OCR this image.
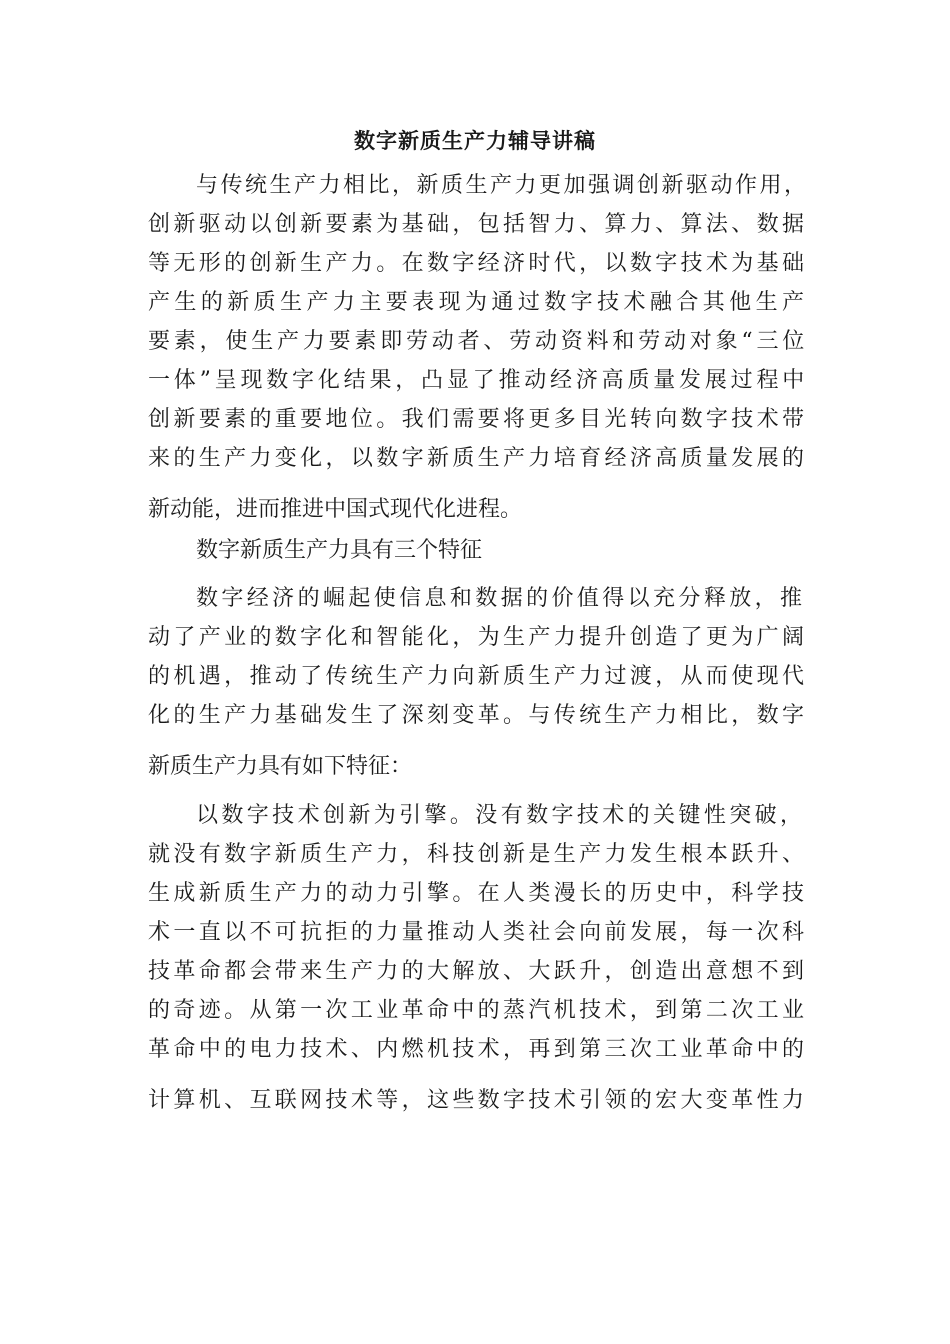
数字新质生产力辅导讲稿
与传统生产力相比，新质生产力更加强调创新驱动作用，
创新驱动以创新要素为基础，包括智力、算力、算法、数据
等无形的创新生产力。在数字经济时代，以数字技术为基础
产生的新质生产力主要表现为通过数字技术融合其他生产
要素，使生产力要素即劳动者、劳动资料和劳动对象“三位
一体”呈现数字化结果，凸显了推动经济高质量发展过程中
创新要素的重要地位。我们需要将更多目光转向数字技术带
来的生产力变化，以数字新质生产力培育经济高质量发展的
新动能，进而推进中国式现代化进程。
数字新质生产力具有三个特征
数字经济的崛起使信息和数据的价值得以充分释放，推
动了产业的数字化和智能化，为生产力提升创造了更为广阔
的机遇，推动了传统生产力向新质生产力过渡，从而使现代
化的生产力基础发生了深刻变革。与传统生产力相比，数字
新质生产力具有如下特征：
以数字技术创新为引擎。没有数字技术的关键性突破，
就没有数字新质生产力，科技创新是生产力发生根本跃升、
生成新质生产力的动力引擎。在人类漫长的历史中，科学技
术一直以不可抗拒的力量推动人类社会向前发展，每一次科
技革命都会带来生产力的大解放、大跃升，创造出意想不到
的奇迹。从第一次工业革命中的蒸汽机技术，到第二次工业
革命中的电力技术、内燃机技术，再到第三次工业革命中的
计算机、互联网技术等，这些数字技术引领的宏大变革性力
